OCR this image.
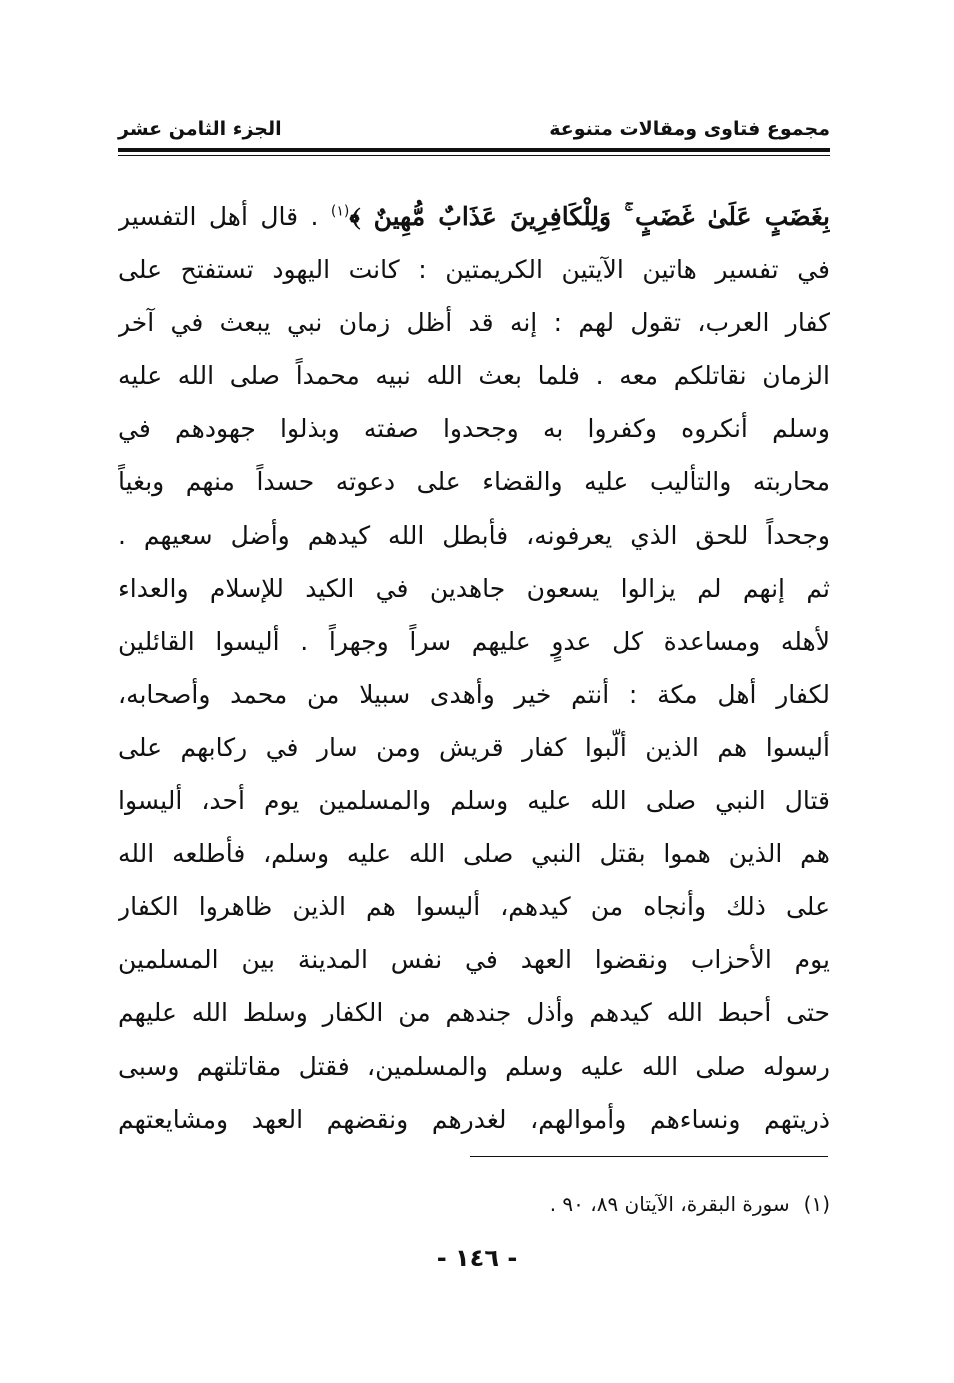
مجموع فتاوى ومقالات متنوعة
الجزء الثامن عشر
بِغَضَبٍ عَلَىٰ غَضَبٍ ۚ وَلِلْكَافِرِينَ عَذَابٌ مُّهِينٌ ﴾$^{(١)}$ . قال أهل التفسير
في تفسير هاتين الآيتين الكريمتين : كانت اليهود تستفتح على
كفار العرب، تقول لهم : إنه قد أظل زمان نبي يبعث في آخر
الزمان نقاتلكم معه . فلما بعث الله نبيه محمداً صلى الله عليه
وسلم أنكروه وكفروا به وجحدوا صفته وبذلوا جهودهم في
محاربته والتأليب عليه والقضاء على دعوته حسداً منهم وبغياً
وجحداً للحق الذي يعرفونه، فأبطل الله كيدهم وأضل سعيهم .
ثم إنهم لم يزالوا يسعون جاهدين في الكيد للإسلام والعداء
لأهله ومساعدة كل عدوٍ عليهم سراً وجهراً . أليسوا القائلين
لكفار أهل مكة : أنتم خير وأهدى سبيلا من محمد وأصحابه،
أليسوا هم الذين ألّبوا كفار قريش ومن سار في ركابهم على
قتال النبي صلى الله عليه وسلم والمسلمين يوم أحد، أليسوا
هم الذين هموا بقتل النبي صلى الله عليه وسلم، فأطلعه الله
على ذلك وأنجاه من كيدهم، أليسوا هم الذين ظاهروا الكفار
يوم الأحزاب ونقضوا العهد في نفس المدينة بين المسلمين
حتى أحبط الله كيدهم وأذل جندهم من الكفار وسلط الله عليهم
رسوله صلى الله عليه وسلم والمسلمين، فقتل مقاتلتهم وسبى
ذريتهم ونساءهم وأموالهم، لغدرهم ونقضهم العهد ومشايعتهم
(١)سورة البقرة، الآيتان ٨٩، ٩٠ .
- ١٤٦ -
